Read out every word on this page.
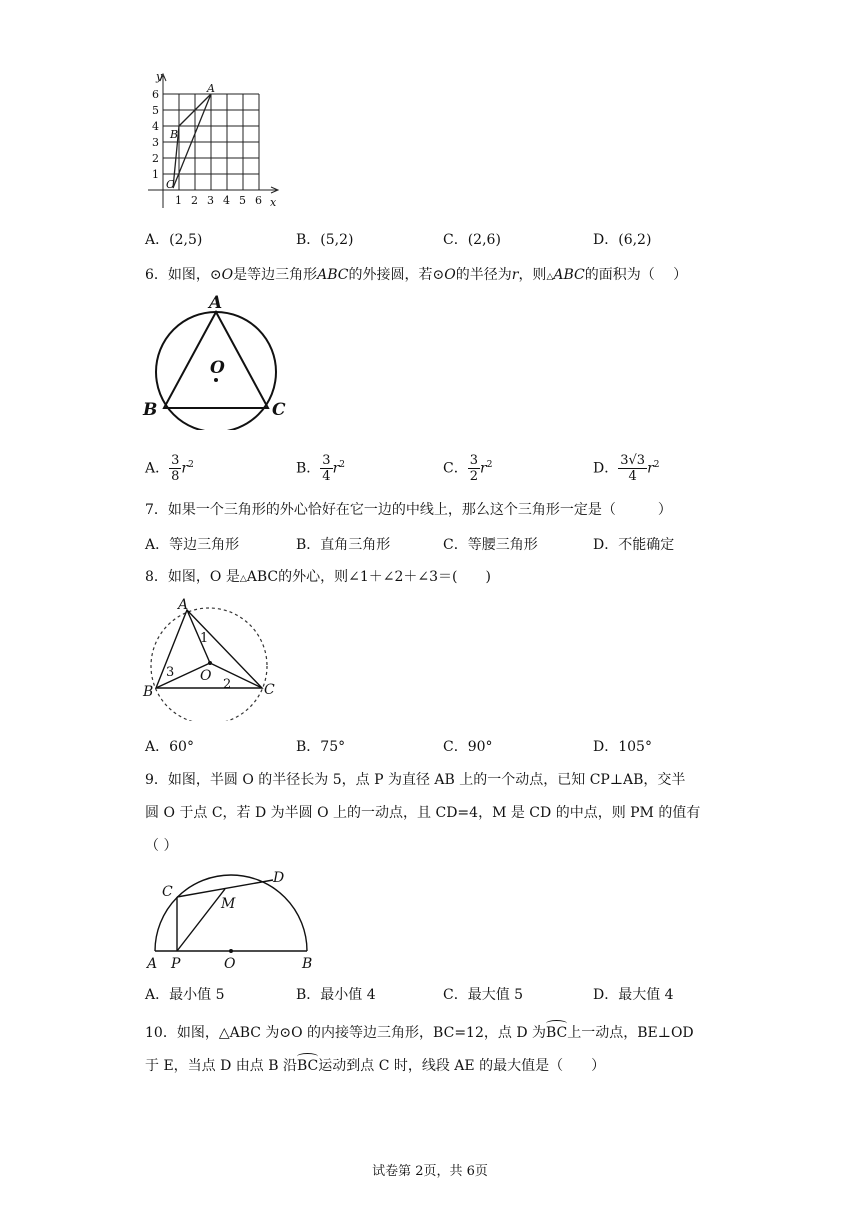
y
x
1
2
3
4
5
6
1 2 3 4 5 6
A
B
C
A．(2,5)	B．(5,2)	C．(2,6)	D．(6,2)
6．如图，⊙O是等边三角形ABC的外接圆，若⊙O的半径为r，则△ABC的面积为（　 ）
A
B	C
O
A． $\frac{3}{8} r^2$	B． $\frac{3}{4} r^2$	C． $\frac{3}{2} r^2$	D． $\frac{3√3}{4} r^2$
7．如果一个三角形的外心恰好在它一边的中线上，那么这个三角形一定是（　　　）
A．等边三角形	B．直角三角形	C．等腰三角形	D．不能确定
8．如图，O 是△ABC的外心，则∠1＋∠2＋∠3＝(　　)
A
B	C
O
1
2
3
A．60°	B．75°	C．90°	D．105°
9．如图，半圆 O 的半径长为 5，点 P 为直径 AB 上的一个动点，已知 CP⊥AB，交半
圆 O 于点 C，若 D 为半圆 O 上的一动点，且 CD=4，M 是 CD 的中点，则 PM 的值有
（ ）
A P	O	B
C
D
M
A．最小值 5	B．最小值 4	C．最大值 5	D．最大值 4
10．如图，△ABC 为⊙O 的内接等边三角形，BC=12，点 D 为BC上一动点，BE⊥OD
于 E，当点 D 由点 B 沿BC运动到点 C 时，线段 AE 的最大值是（　　）
试卷第 2页，共 6页
